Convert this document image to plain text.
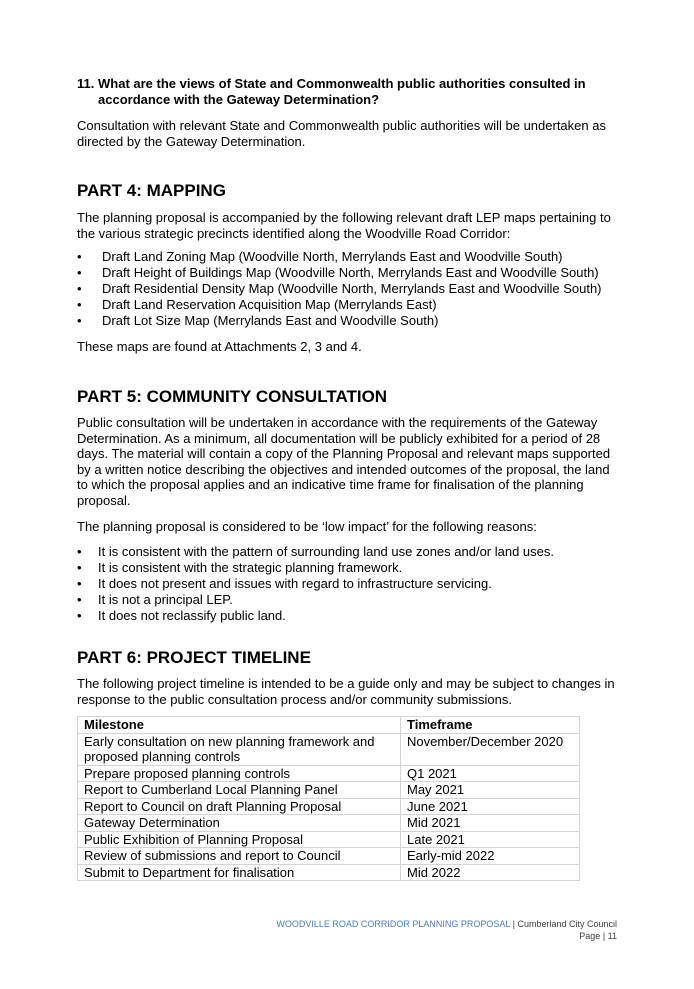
11. What are the views of State and Commonwealth public authorities consulted in accordance with the Gateway Determination?

Consultation with relevant State and Commonwealth public authorities will be undertaken as directed by the Gateway Determination.

PART 4: MAPPING

The planning proposal is accompanied by the following relevant draft LEP maps pertaining to the various strategic precincts identified along the Woodville Road Corridor:

• Draft Land Zoning Map (Woodville North, Merrylands East and Woodville South)
• Draft Height of Buildings Map (Woodville North, Merrylands East and Woodville South)
• Draft Residential Density Map (Woodville North, Merrylands East and Woodville South)
• Draft Land Reservation Acquisition Map (Merrylands East)
• Draft Lot Size Map (Merrylands East and Woodville South)

These maps are found at Attachments 2, 3 and 4.

PART 5: COMMUNITY CONSULTATION

Public consultation will be undertaken in accordance with the requirements of the Gateway Determination. As a minimum, all documentation will be publicly exhibited for a period of 28 days. The material will contain a copy of the Planning Proposal and relevant maps supported by a written notice describing the objectives and intended outcomes of the proposal, the land to which the proposal applies and an indicative time frame for finalisation of the planning proposal.

The planning proposal is considered to be ‘low impact’ for the following reasons:

• It is consistent with the pattern of surrounding land use zones and/or land uses.
• It is consistent with the strategic planning framework.
• It does not present and issues with regard to infrastructure servicing.
• It is not a principal LEP.
• It does not reclassify public land.
PART 6: PROJECT TIMELINE

The following project timeline is intended to be a guide only and may be subject to changes in response to the public consultation process and/or community submissions.

Milestone	Timeframe
Early consultation on new planning framework and proposed planning controls	November/December 2020
Prepare proposed planning controls	Q1 2021
Report to Cumberland Local Planning Panel	May 2021
Report to Council on draft Planning Proposal	June 2021
Gateway Determination	Mid 2021
Public Exhibition of Planning Proposal	Late 2021
Review of submissions and report to Council	Early-mid 2022
Submit to Department for finalisation	Mid 2022
WOODVILLE ROAD CORRIDOR PLANNING PROPOSAL | Cumberland City Council
Page | 11
